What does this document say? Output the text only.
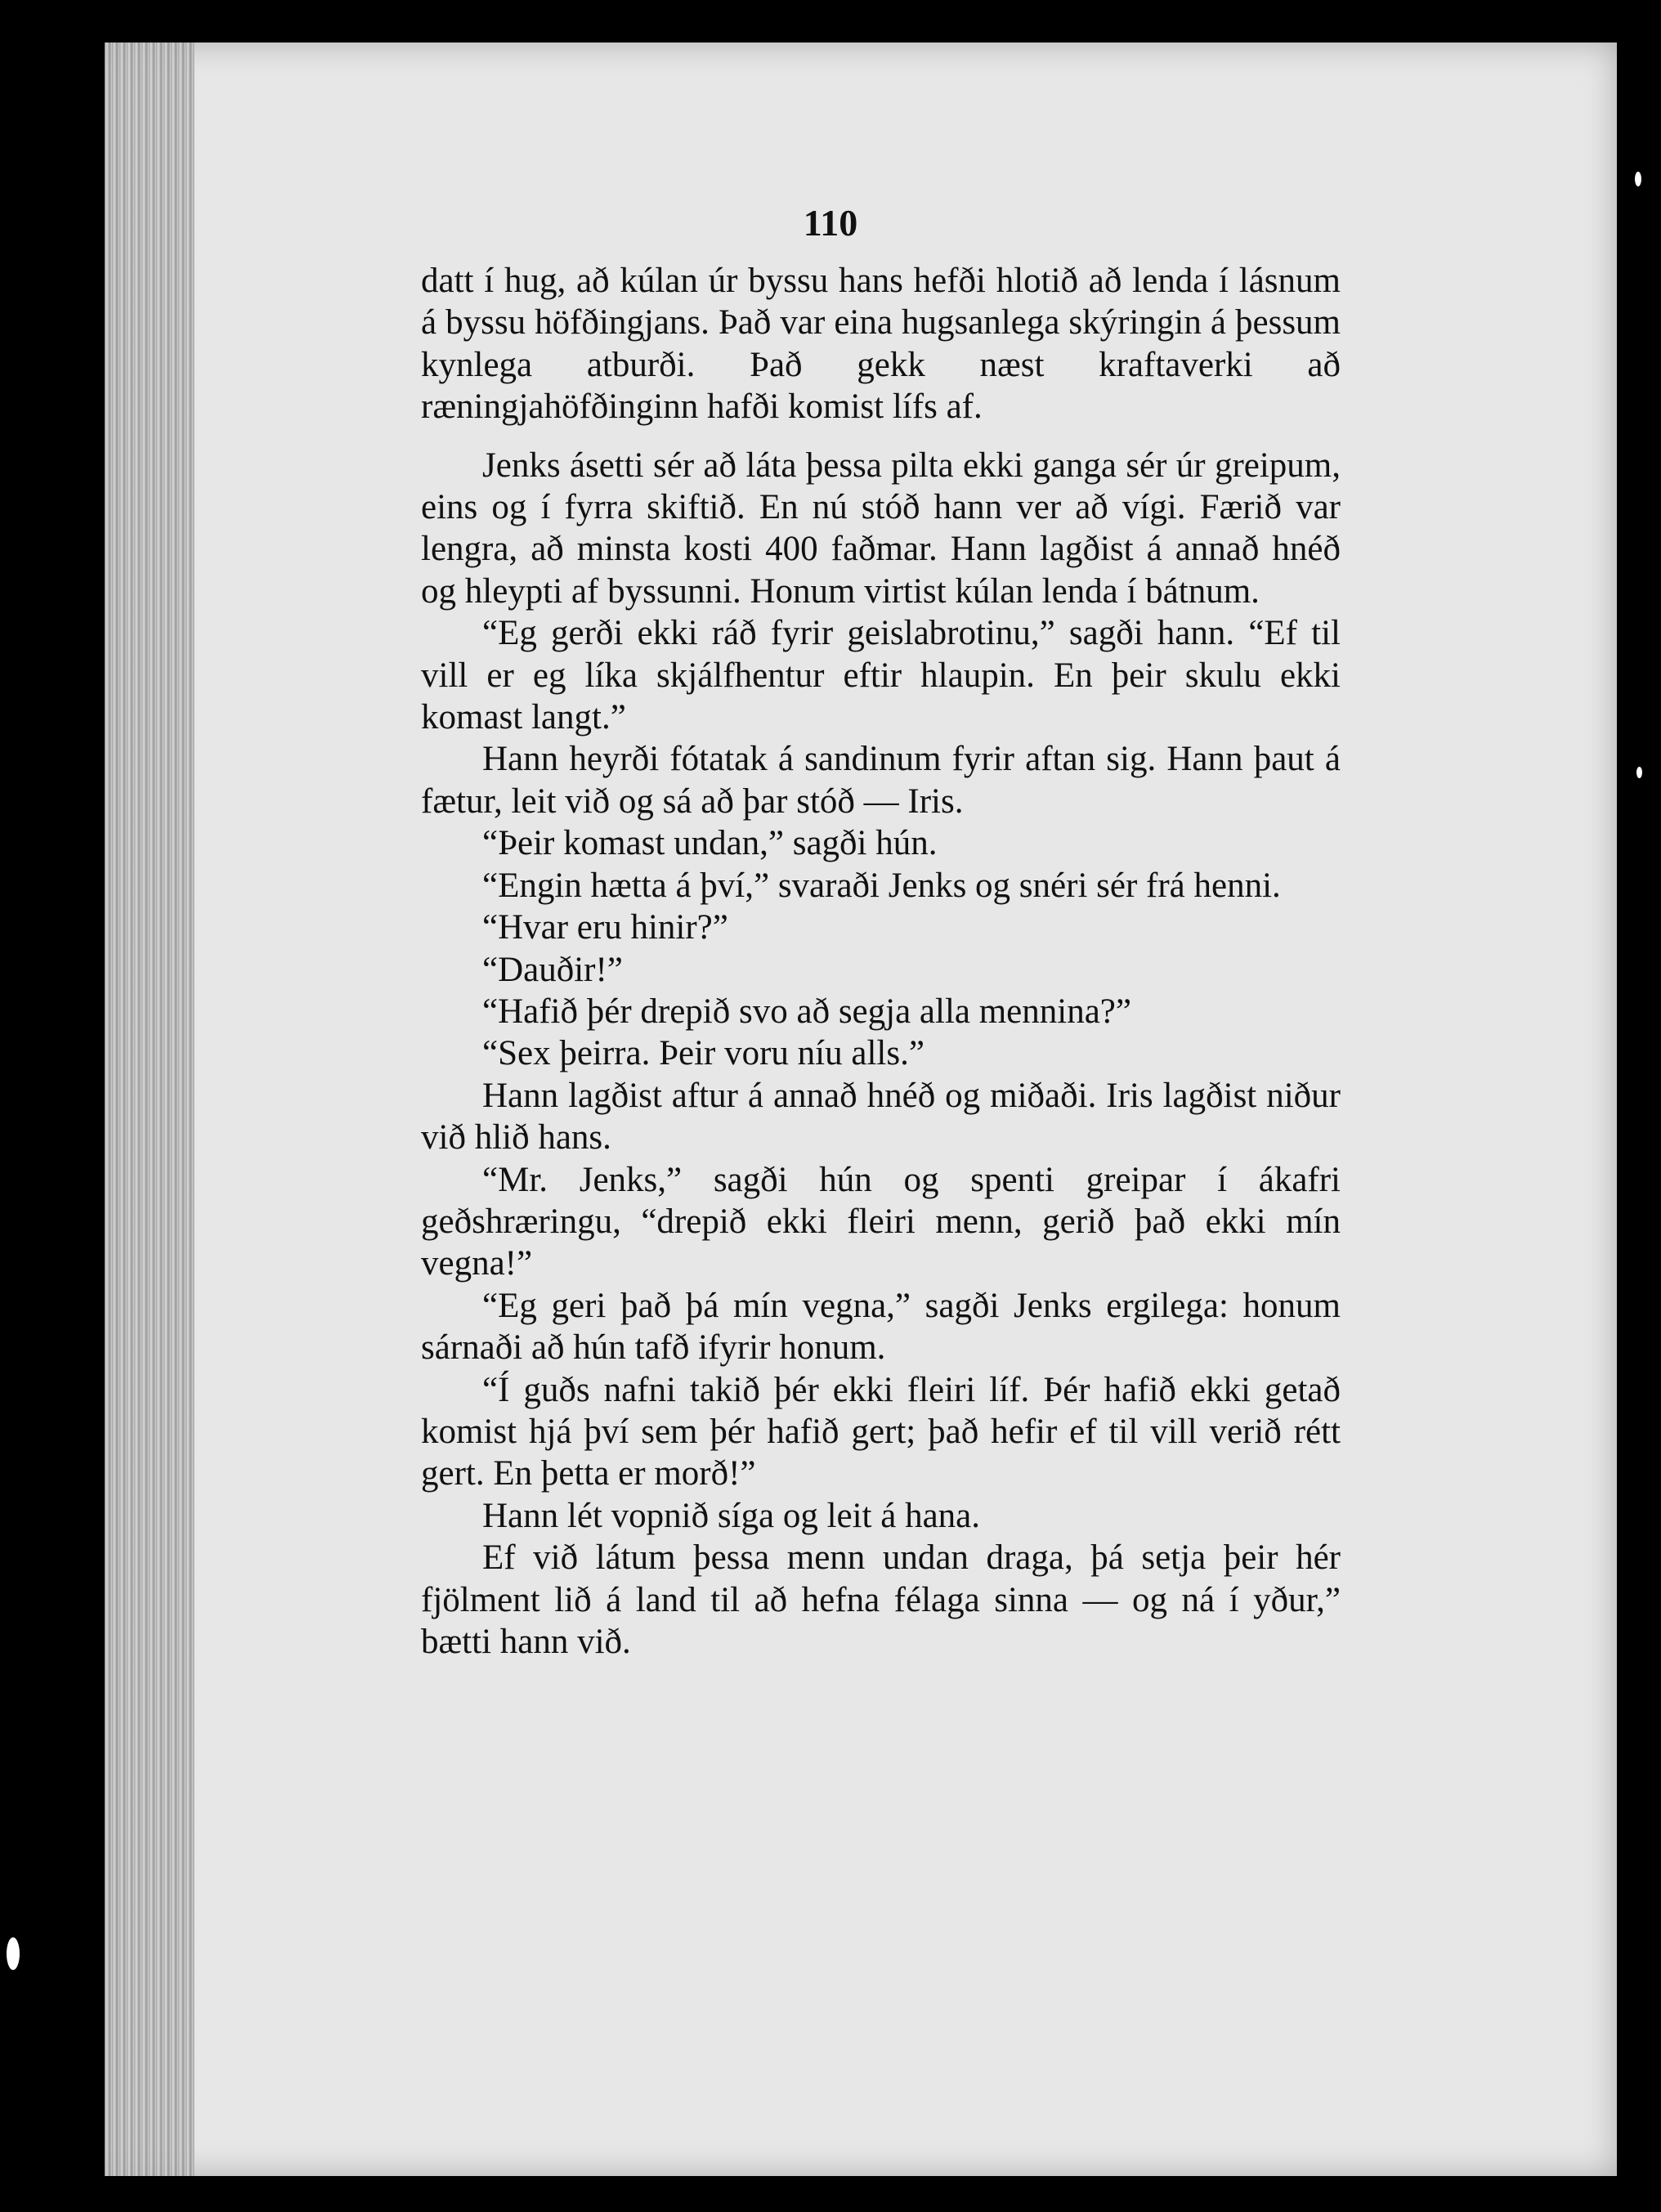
110

datt í hug, að kúlan úr byssu hans hefði hlotið að lenda í lásnum á byssu höfðingjans. Það var eina hugsanlega skýringin á þessum kynlega atburði. Það gekk næst kraftaverki að ræningjahöfðinginn hafði komist lífs af.

Jenks ásetti sér að láta þessa pilta ekki ganga sér úr greipum, eins og í fyrra skiftið. En nú stóð hann ver að vígi. Færið var lengra, að minsta kosti 400 faðmar. Hann lagðist á annað hnéð og hleypti af byssunni. Honum virtist kúlan lenda í bátnum.

“Eg gerði ekki ráð fyrir geislabrotinu,” sagði hann. “Ef til vill er eg líka skjálfhentur eftir hlaupin. En þeir skulu ekki komast langt.”

Hann heyrði fótatak á sandinum fyrir aftan sig. Hann þaut á fætur, leit við og sá að þar stóð — Iris.

“Þeir komast undan,” sagði hún.

“Engin hætta á því,” svaraði Jenks og snéri sér frá henni.

“Hvar eru hinir?”

“Dauðir!”

“Hafið þér drepið svo að segja alla mennina?”

“Sex þeirra. Þeir voru níu alls.”

Hann lagðist aftur á annað hnéð og miðaði. Iris lagðist niður við hlið hans.

“Mr. Jenks,” sagði hún og spenti greipar í ákafri geðshræringu, “drepið ekki fleiri menn, gerið það ekki mín vegna!”

“Eg geri það þá mín vegna,” sagði Jenks ergilega: honum sárnaði að hún tafð ifyrir honum.

“Í guðs nafni takið þér ekki fleiri líf. Þér hafið ekki getað komist hjá því sem þér hafið gert; það hefir ef til vill verið rétt gert. En þetta er morð!”

Hann lét vopnið síga og leit á hana.

Ef við látum þessa menn undan draga, þá setja þeir hér fjölment lið á land til að hefna félaga sinna — og ná í yður,” bætti hann við.
